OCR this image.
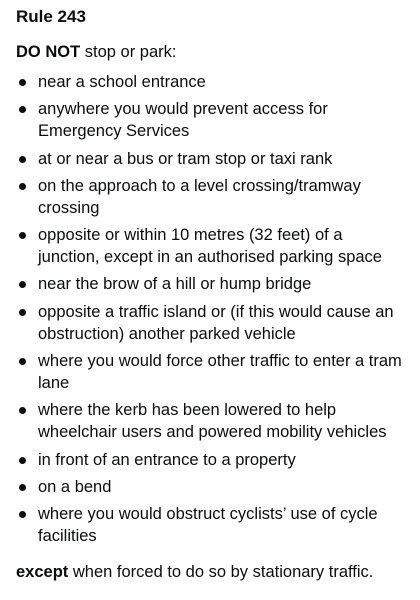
Rule 243

DO NOT stop or park:

near a school entrance
anywhere you would prevent access for Emergency Services
at or near a bus or tram stop or taxi rank
on the approach to a level crossing/tramway crossing
opposite or within 10 metres (32 feet) of a junction, except in an authorised parking space
near the brow of a hill or hump bridge
opposite a traffic island or (if this would cause an obstruction) another parked vehicle
where you would force other traffic to enter a tram lane
where the kerb has been lowered to help wheelchair users and powered mobility vehicles
in front of an entrance to a property
on a bend
where you would obstruct cyclists’ use of cycle facilities

except when forced to do so by stationary traffic.
